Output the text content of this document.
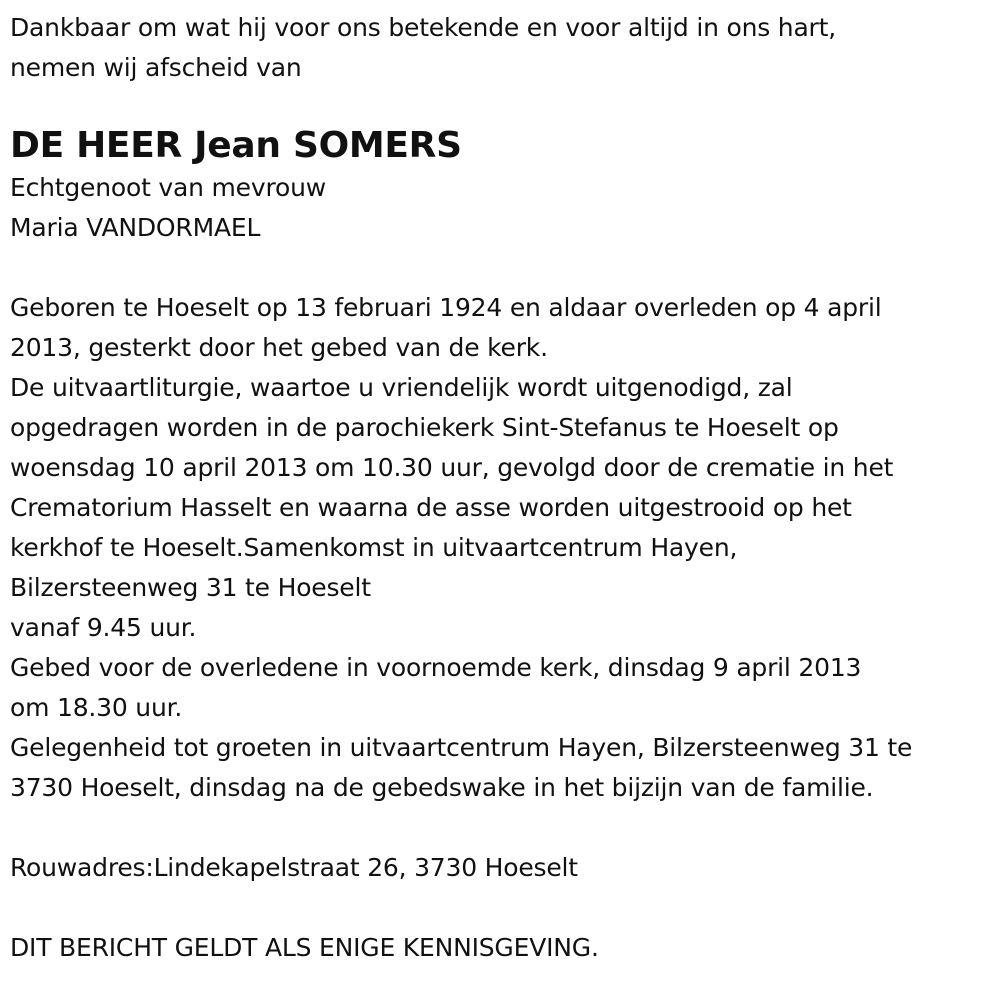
Dankbaar om wat hij voor ons betekende en voor altijd in ons hart,
nemen wij afscheid van
DE HEER Jean SOMERS
Echtgenoot van mevrouw
Maria VANDORMAEL
Geboren te Hoeselt op 13 februari 1924 en aldaar overleden op 4 april
2013, gesterkt door het gebed van de kerk.
De uitvaartliturgie, waartoe u vriendelijk wordt uitgenodigd, zal
opgedragen worden in de parochiekerk Sint-Stefanus te Hoeselt op
woensdag 10 april 2013 om 10.30 uur, gevolgd door de crematie in het
Crematorium Hasselt en waarna de asse worden uitgestrooid op het
kerkhof te Hoeselt.Samenkomst in uitvaartcentrum Hayen,
Bilzersteenweg 31 te Hoeselt
vanaf 9.45 uur.
Gebed voor de overledene in voornoemde kerk, dinsdag 9 april 2013
om 18.30 uur.
Gelegenheid tot groeten in uitvaartcentrum Hayen, Bilzersteenweg 31 te
3730 Hoeselt, dinsdag na de gebedswake in het bijzijn van de familie.
Rouwadres:Lindekapelstraat 26, 3730 Hoeselt
DIT BERICHT GELDT ALS ENIGE KENNISGEVING.
